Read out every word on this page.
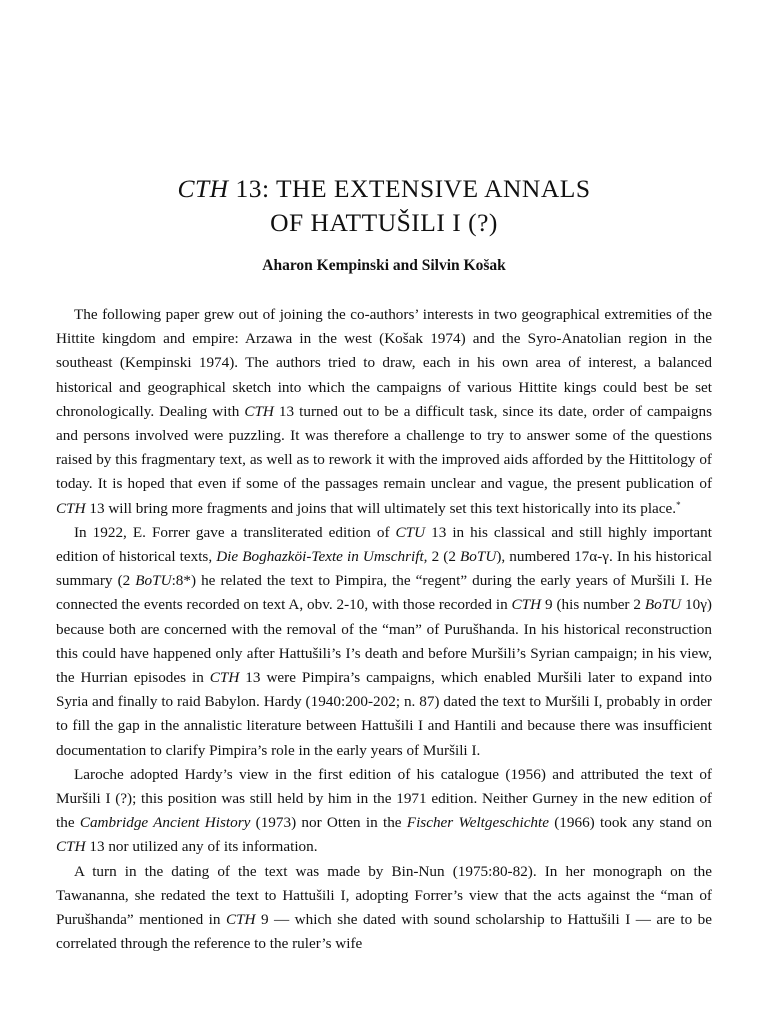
CTH 13: THE EXTENSIVE ANNALS
OF HATTUŠILI I (?)
Aharon Kempinski and Silvin Košak

The following paper grew out of joining the co-authors’ interests in two geographical extremities of the Hittite kingdom and empire: Arzawa in the west (Košak 1974) and the Syro-Anatolian region in the southeast (Kempinski 1974). The authors tried to draw, each in his own area of interest, a balanced historical and geographical sketch into which the campaigns of various Hittite kings could best be set chronologically. Dealing with CTH 13 turned out to be a difficult task, since its date, order of campaigns and persons involved were puzzling. It was therefore a challenge to try to answer some of the questions raised by this fragmentary text, as well as to rework it with the improved aids afforded by the Hittitology of today. It is hoped that even if some of the passages remain unclear and vague, the present publication of CTH 13 will bring more fragments and joins that will ultimately set this text historically into its place.*

In 1922, E. Forrer gave a transliterated edition of CTU 13 in his classical and still highly important edition of historical texts, Die Boghazköi-Texte in Umschrift, 2 (2 BoTU), numbered 17α-γ. In his historical summary (2 BoTU:8*) he related the text to Pimpira, the “regent” during the early years of Muršili I. He connected the events recorded on text A, obv. 2-10, with those recorded in CTH 9 (his number 2 BoTU 10γ) because both are concerned with the removal of the “man” of Purušhanda. In his historical reconstruction this could have happened only after Hattušili’s I’s death and before Muršili’s Syrian campaign; in his view, the Hurrian episodes in CTH 13 were Pimpira’s campaigns, which enabled Muršili later to expand into Syria and finally to raid Babylon. Hardy (1940:200-202; n. 87) dated the text to Muršili I, probably in order to fill the gap in the annalistic literature between Hattušili I and Hantili and because there was insufficient documentation to clarify Pimpira’s role in the early years of Muršili I.

Laroche adopted Hardy’s view in the first edition of his catalogue (1956) and attributed the text of Muršili I (?); this position was still held by him in the 1971 edition. Neither Gurney in the new edition of the Cambridge Ancient History (1973) nor Otten in the Fischer Weltgeschichte (1966) took any stand on CTH 13 nor utilized any of its information.

A turn in the dating of the text was made by Bin-Nun (1975:80-82). In her monograph on the Tawananna, she redated the text to Hattušili I, adopting Forrer’s view that the acts against the “man of Purušhanda” mentioned in CTH 9 — which she dated with sound scholarship to Hattušili I — are to be correlated through the reference to the ruler’s wife
